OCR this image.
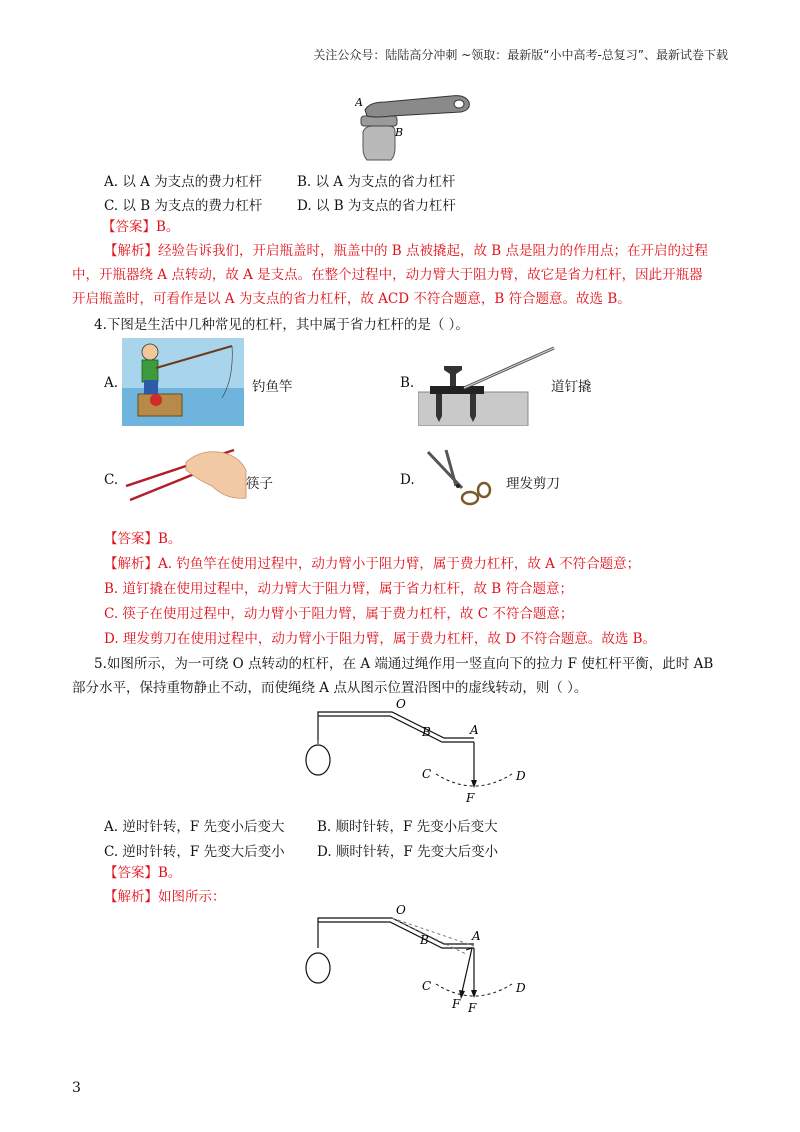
关注公众号：陆陆高分冲刺 ~领取：最新版“小中高考-总复习”、最新试卷下载
A
B
A. 以 A 为支点的费力杠杆	B. 以 A 为支点的省力杠杆
C. 以 B 为支点的费力杠杆	D. 以 B 为支点的省力杠杆
【答案】B。
【解析】经验告诉我们，开启瓶盖时，瓶盖中的 B 点被撬起，故 B 点是阻力的作用点；在开启的过程
中，开瓶器绕 A 点转动，故 A 是支点。在整个过程中，动力臂大于阻力臂，故它是省力杠杆，因此开瓶器
开启瓶盖时，可看作是以 A 为支点的省力杠杆，故 ACD 不符合题意，B 符合题意。故选 B。
4.下图是生活中几种常见的杠杆，其中属于省力杠杆的是（ ）。
A.	钓鱼竿	B.	道钉撬
C.	筷子	D.	理发剪刀
【答案】B。
【解析】A. 钓鱼竿在使用过程中，动力臂小于阻力臂，属于费力杠杆，故 A 不符合题意；
B. 道钉撬在使用过程中，动力臂大于阻力臂，属于省力杠杆，故 B 符合题意；
C. 筷子在使用过程中，动力臂小于阻力臂，属于费力杠杆，故 C 不符合题意；
D. 理发剪刀在使用过程中，动力臂小于阻力臂，属于费力杠杆，故 D 不符合题意。故选 B。
5.如图所示，为一可绕 O 点转动的杠杆，在 A 端通过绳作用一竖直向下的拉力 F 使杠杆平衡，此时 AB
部分水平，保持重物静止不动，而使绳绕 A 点从图示位置沿图中的虚线转动，则（ ）。
O
B	A
C	D
F
A. 逆时针转，F 先变小后变大 B. 顺时针转，F 先变小后变大
C. 逆时针转，F 先变大后变小 D. 顺时针转，F 先变大后变小
【答案】B。
【解析】如图所示：
O
B	A
C	D
F F
3
